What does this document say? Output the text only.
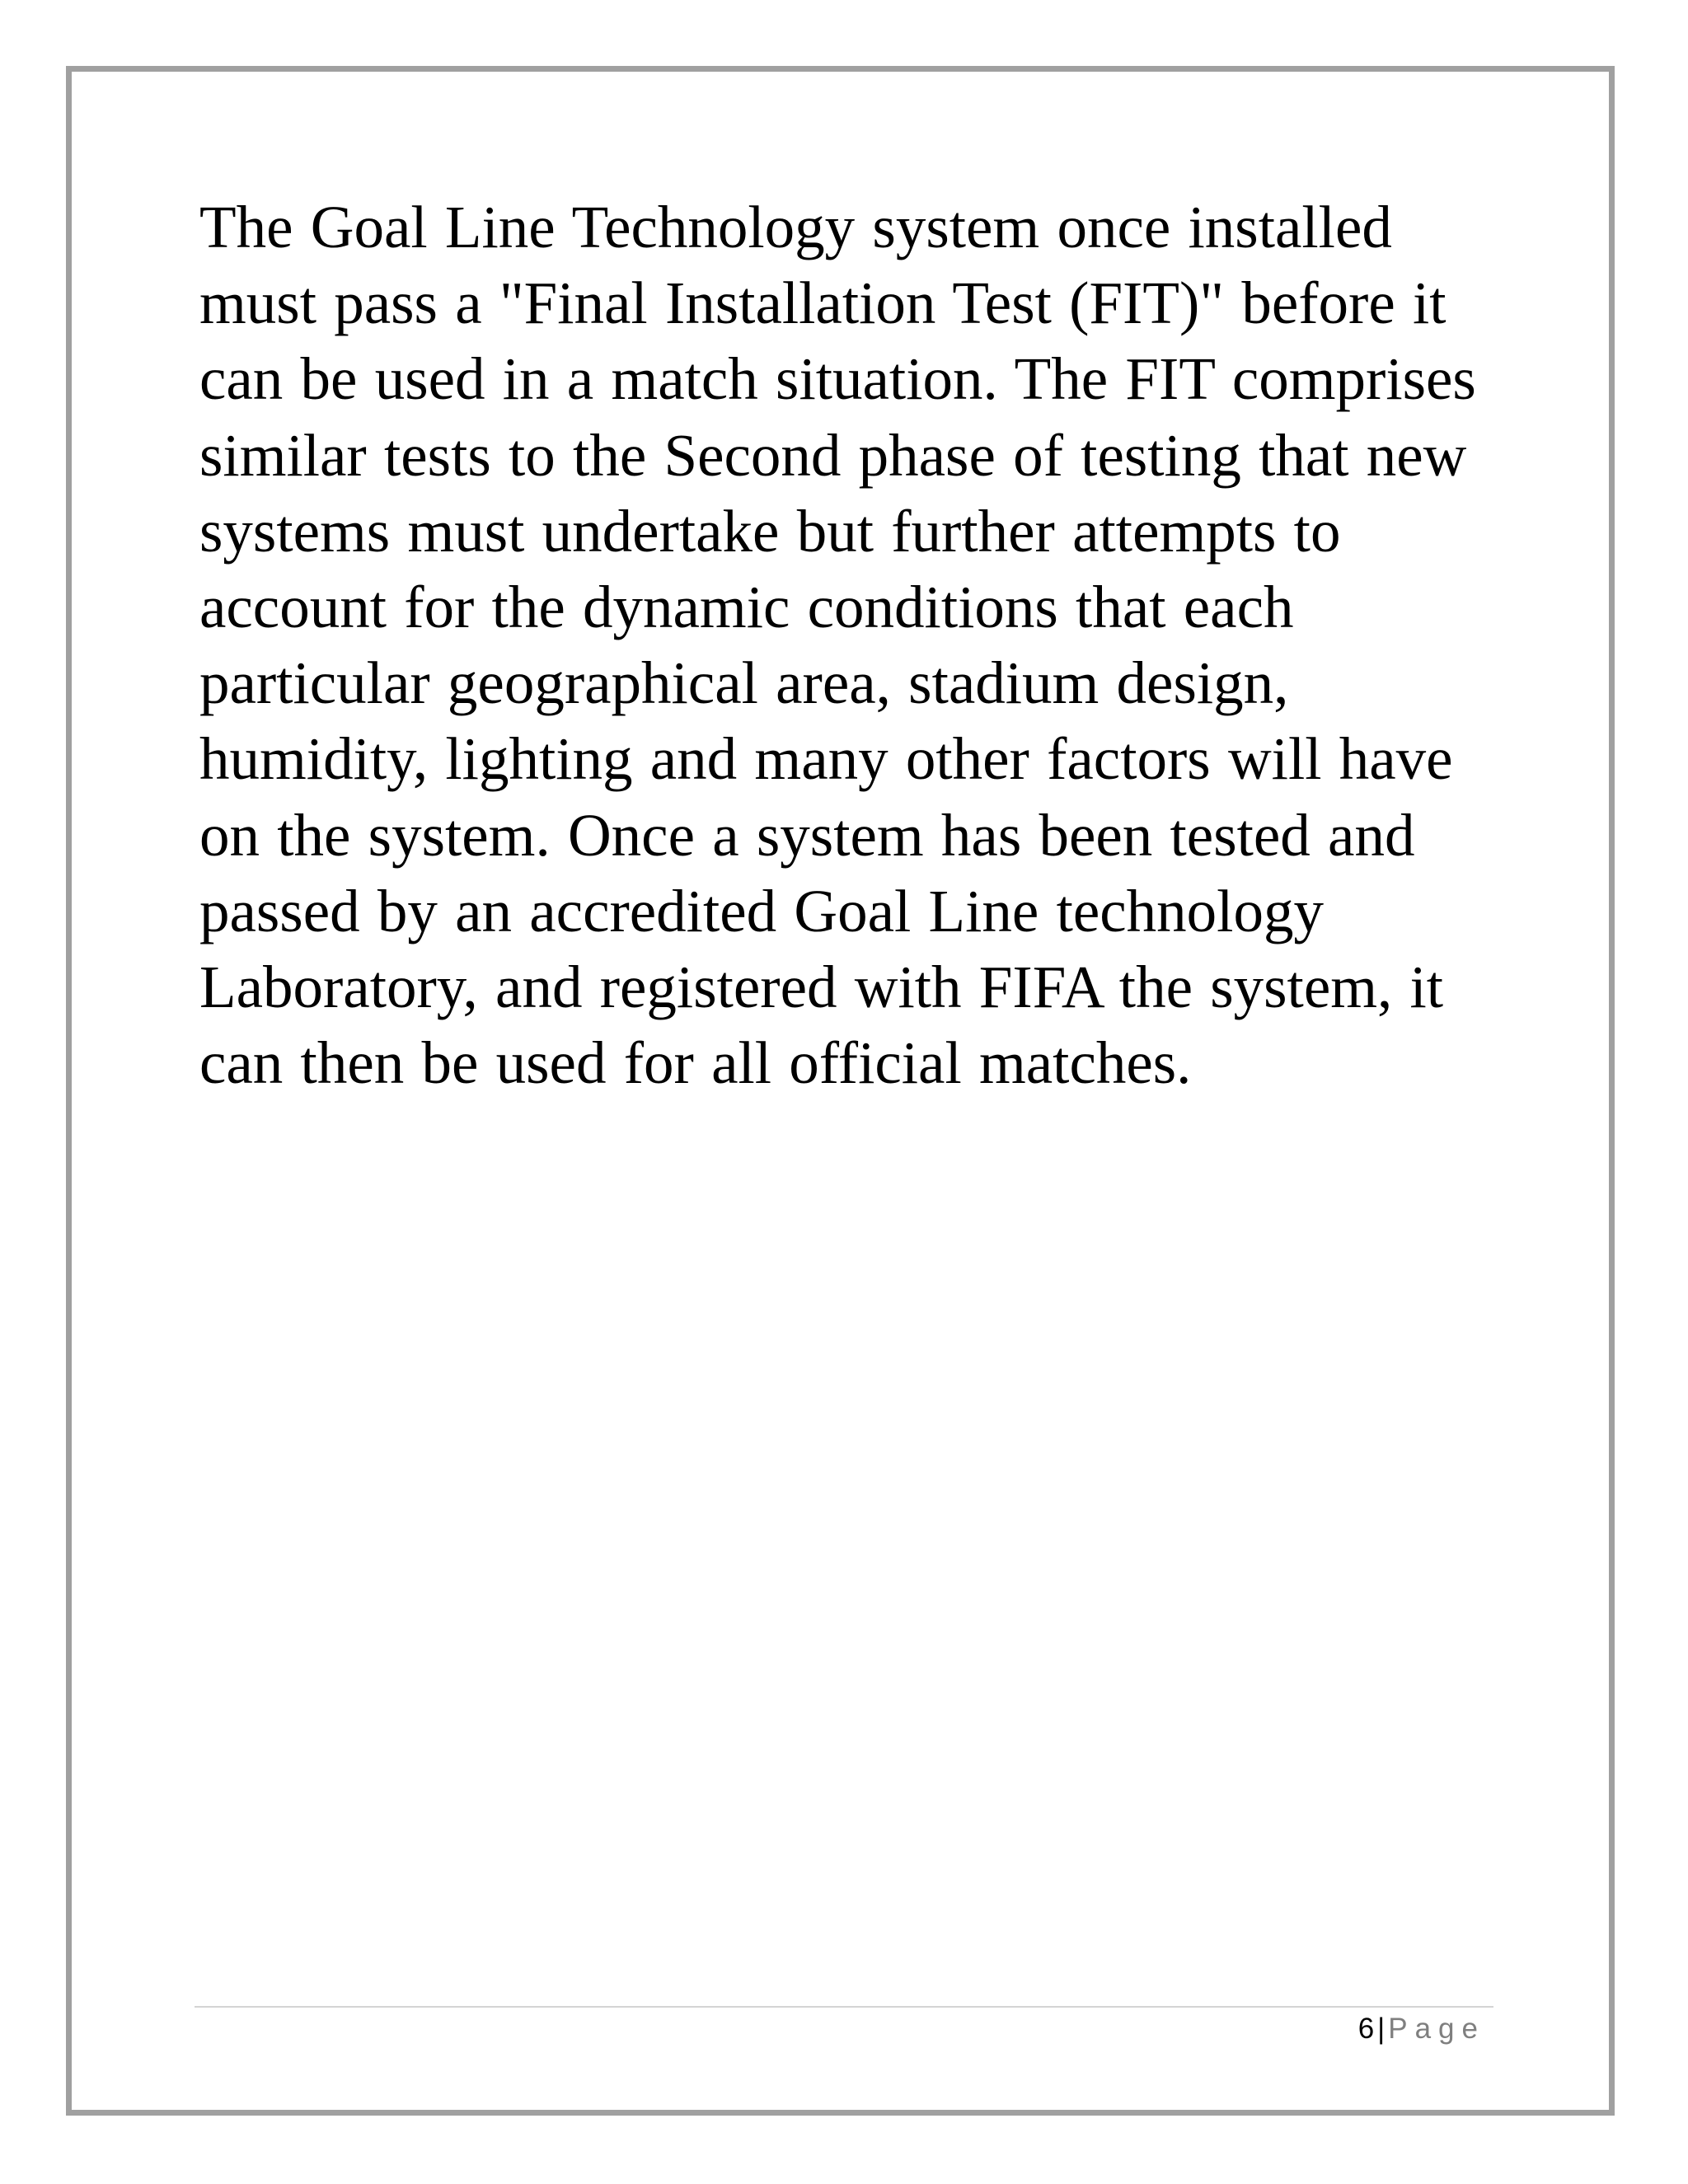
The Goal Line Technology system once installed
must pass a "Final Installation Test (FIT)" before it
can be used in a match situation. The FIT comprises
similar tests to the Second phase of testing that new
systems must undertake but further attempts to
account for the dynamic conditions that each
particular geographical area, stadium design,
humidity, lighting and many other factors will have
on the system. Once a system has been tested and
passed by an accredited Goal Line technology
Laboratory, and registered with FIFA the system, it
can then be used for all official matches.

6 | Page
